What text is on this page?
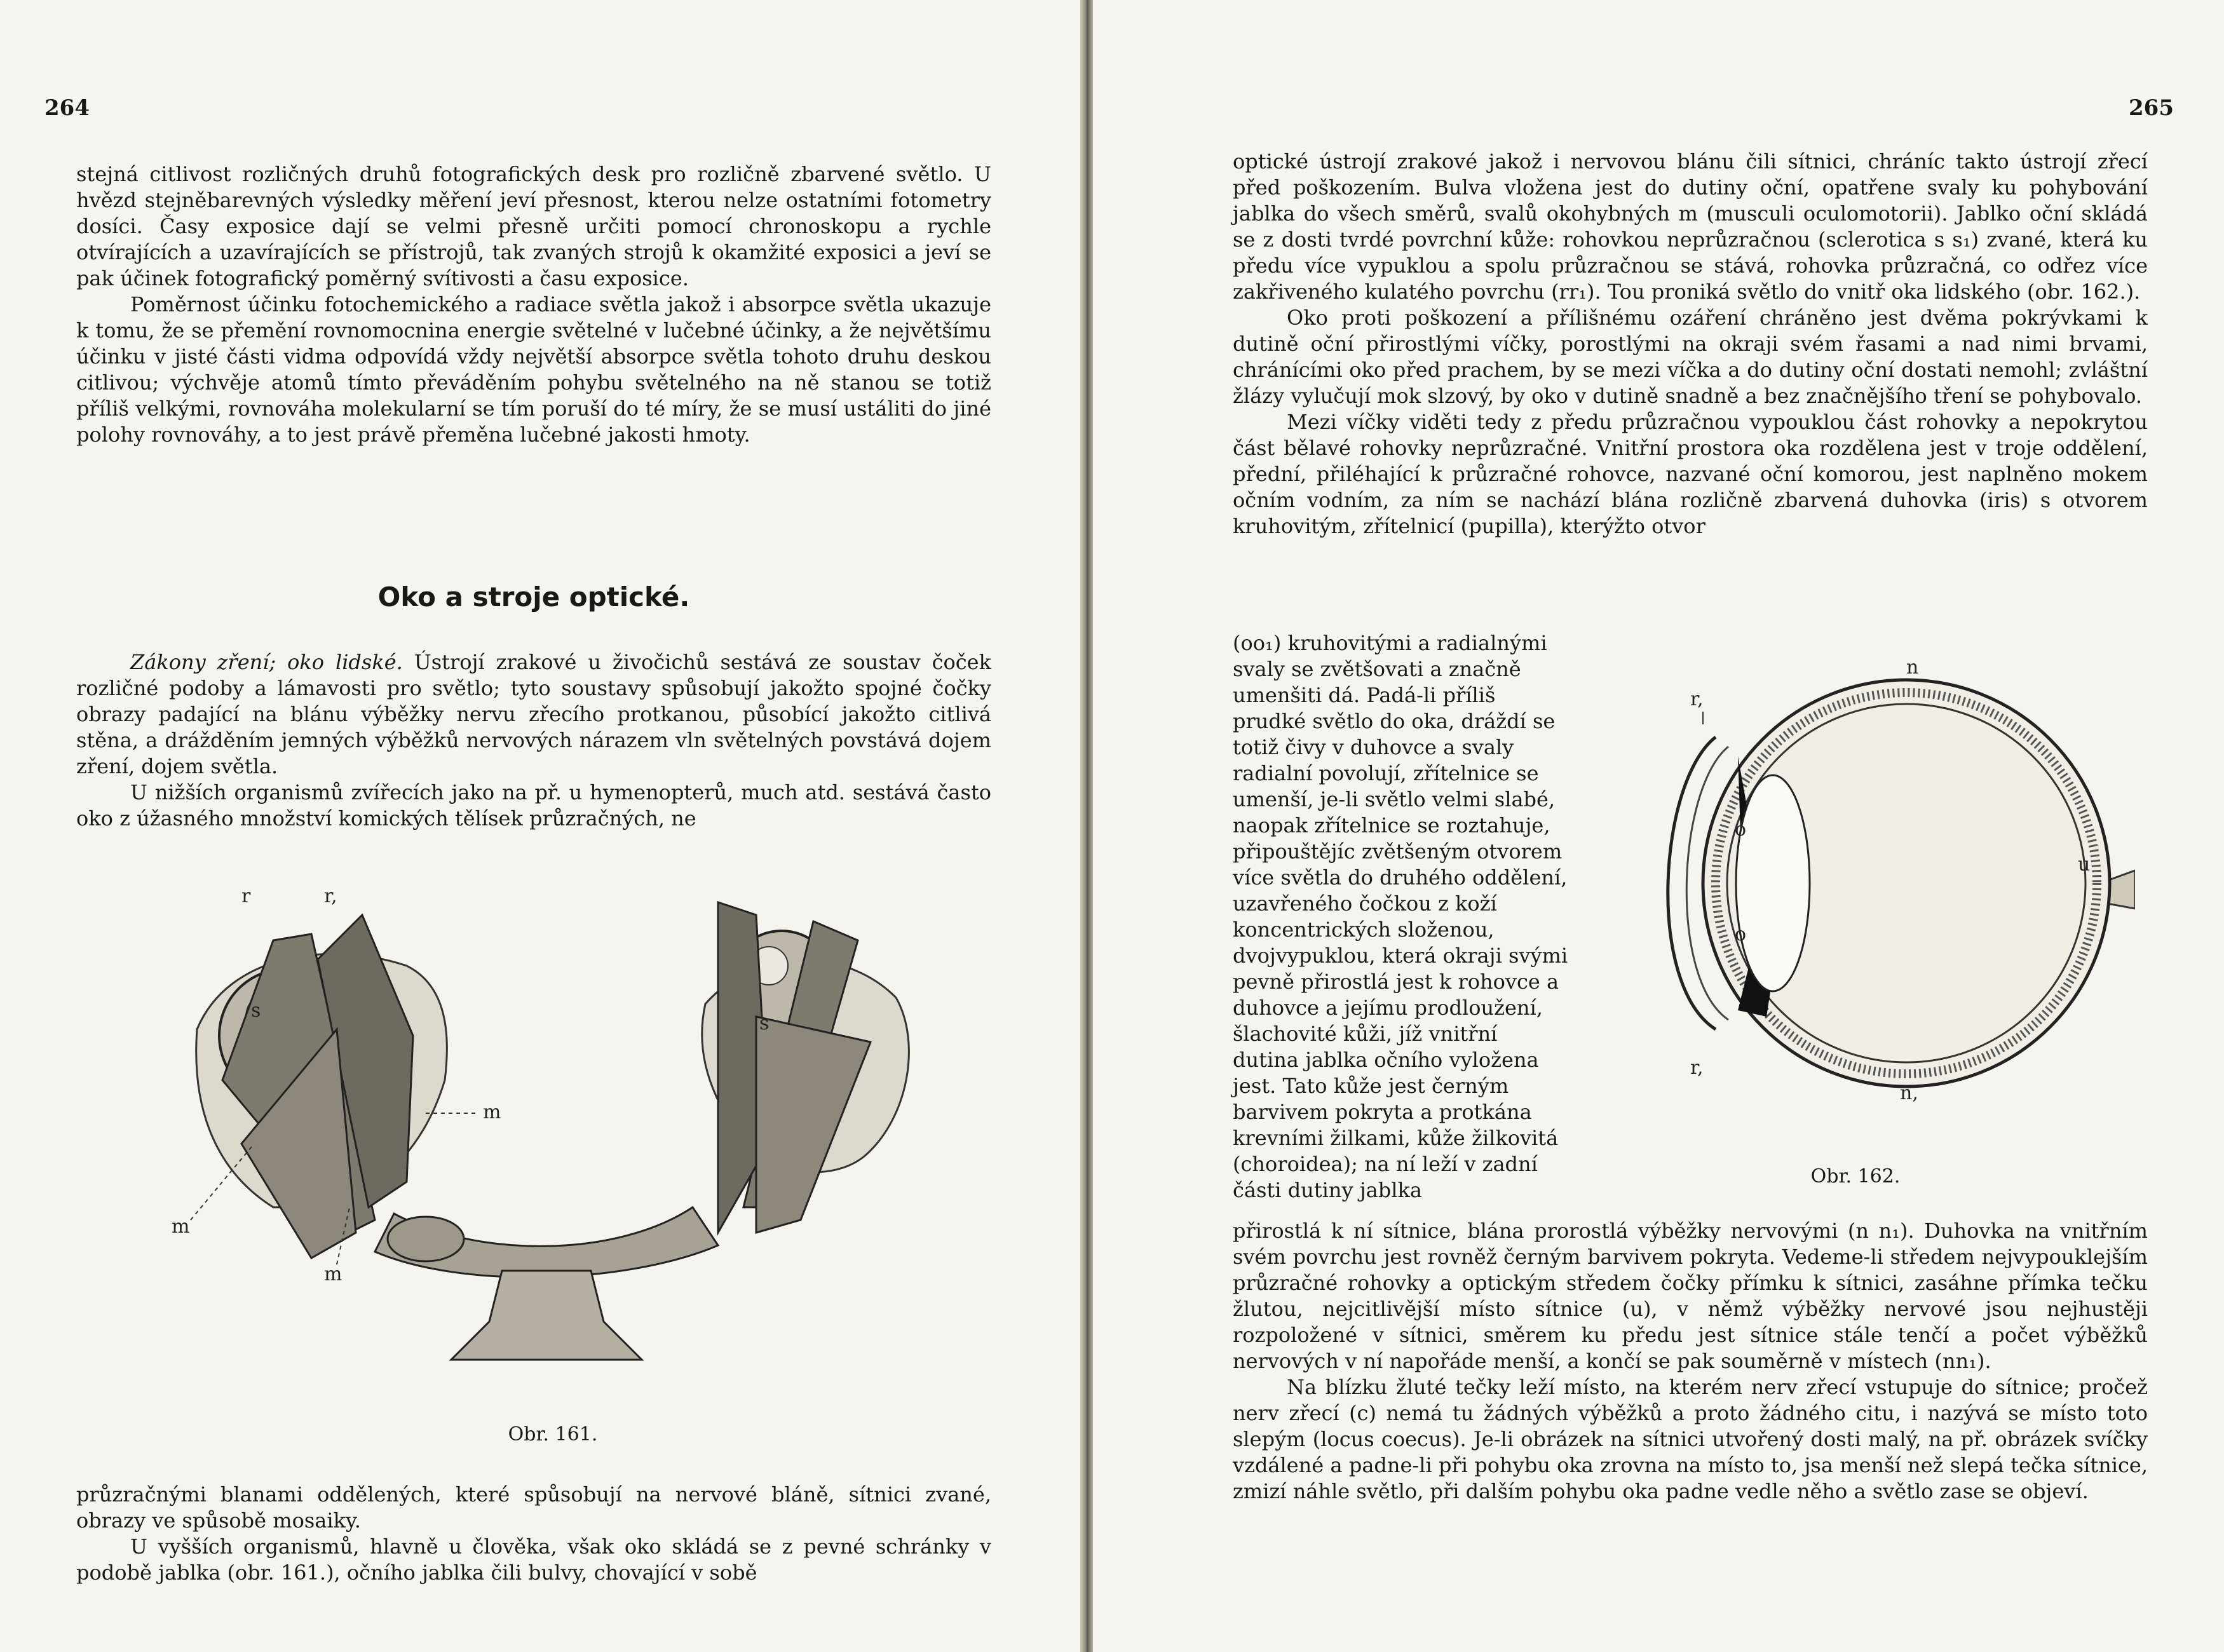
264

stejná citlivost rozličných druhů fotografických desk pro rozličně zbarvené světlo. U hvězd stejněbarevných výsledky měření jeví přesnost, kterou nelze ostatními fotometry dosíci. Časy exposice dají se velmi přesně určiti pomocí chronoskopu a rychle otvírajících a uzavírajících se přístrojů, tak zvaných strojů k okamžité exposici a jeví se pak účinek fotografický poměrný svítivosti a času exposice.

Poměrnost účinku fotochemického a radiace světla jakož i absorpce světla ukazuje k tomu, že se přemění rovnomocnina energie světelné v lučebné účinky, a že největšímu účinku v jisté části vidma odpovídá vždy největší absorpce světla tohoto druhu deskou citlivou; výchvěje atomů tímto převáděním pohybu světelného na ně stanou se totiž příliš velkými, rovnováha molekularní se tím poruší do té míry, že se musí ustáliti do jiné polohy rovnováhy, a to jest právě přeměna lučebné jakosti hmoty.

Oko a stroje optické.

Zákony zření; oko lidské. Ústrojí zrakové u živočichů sestává ze soustav čoček rozličné podoby a lámavosti pro světlo; tyto soustavy spůsobují jakožto spojné čočky obrazy padající na blánu výběžky nervu zřecího protkanou, působící jakožto citlivá stěna, a drážděním jemných výběžků nervových nárazem vln světelných povstává dojem zření, dojem světla.

U nižších organismů zvířecích jako na př. u hymenopterů, much atd. sestává často oko z úžasného množství komických tělísek průzračných, ne

r	r,
s
s
m
m
m
Obr. 161.

průzračnými blanami oddělených, které spůsobují na nervové bláně, sítnici zvané, obrazy ve spůsobě mosaiky.

U vyšších organismů, hlavně u člověka, však oko skládá se z pevné schránky v podobě jablka (obr. 161.), očního jablka čili bulvy, chovající v sobě

265

optické ústrojí zrakové jakož i nervovou blánu čili sítnici, chráníc takto ústrojí zřecí před poškozením. Bulva vložena jest do dutiny oční, opatřene svaly ku pohybování jablka do všech směrů, svalů okohybných m (musculi oculomotorii). Jablko oční skládá se z dosti tvrdé povrchní kůže: rohovkou neprůzračnou (sclerotica s s₁) zvané, která ku předu více vypuklou a spolu průzračnou se stává, rohovka průzračná, co odřez více zakřiveného kulatého povrchu (rr₁). Tou proniká světlo do vnitř oka lidského (obr. 162.).

Oko proti poškození a přílišnému ozáření chráněno jest dvěma pokrývkami k dutině oční přirostlými víčky, porostlými na okraji svém řasami a nad nimi brvami, chránícími oko před prachem, by se mezi víčka a do dutiny oční dostati nemohl; zvláštní žlázy vylučují mok slzový, by oko v dutině snadně a bez značnějšího tření se pohybovalo.

Mezi víčky viděti tedy z předu průzračnou vypouklou část rohovky a nepokrytou část bělavé rohovky neprůzračné. Vnitřní prostora oka rozdělena jest v troje oddělení, přední, přiléhající k průzračné rohovce, nazvané oční komorou, jest naplněno mokem očním vodním, za ním se nachází blána rozličně zbarvená duhovka (iris) s otvorem kruhovitým, zřítelnicí (pupilla), kterýžto otvor

(oo₁) kruhovitými a radialnými svaly se zvětšovati a značně umenšiti dá. Padá-li příliš prudké světlo do oka, dráždí se totiž čivy v duhovce a svaly radialní povolují, zřítelnice se umenší, je-li světlo velmi slabé, naopak zřítelnice se roztahuje, připouštějíc zvětšeným otvorem více světla do druhého oddělení, uzavřeného čočkou z koží koncentrických složenou, dvojvypuklou, která okraji svými pevně přirostlá jest k rohovce a duhovce a jejímu prodloužení, šlachovité kůži, jíž vnitřní dutina jablka očního vyložena jest. Tato kůže jest černým barvivem pokryta a protkána krevními žilkami, kůže žilkovitá (choroidea); na ní leží v zadní části dutiny jablka

n
r,
o
o
u
r,
n,
Obr. 162.

přirostlá k ní sítnice, blána prorostlá výběžky nervovými (n n₁). Duhovka na vnitřním svém povrchu jest rovněž černým barvivem pokryta. Vedeme-li středem nejvypouklejším průzračné rohovky a optickým středem čočky přímku k sítnici, zasáhne přímka tečku žlutou, nejcitlivější místo sítnice (u), v němž výběžky nervové jsou nejhustěji rozpoložené v sítnici, směrem ku předu jest sítnice stále tenčí a počet výběžků nervových v ní napořáde menší, a končí se pak souměrně v místech (nn₁).

Na blízku žluté tečky leží místo, na kterém nerv zřecí vstupuje do sítnice; pročež nerv zřecí (c) nemá tu žádných výběžků a proto žádného citu, i nazývá se místo toto slepým (locus coecus). Je-li obrázek na sítnici utvořený dosti malý, na př. obrázek svíčky vzdálené a padne-li při pohybu oka zrovna na místo to, jsa menší než slepá tečka sítnice, zmizí náhle světlo, při dalším pohybu oka padne vedle něho a světlo zase se objeví.
